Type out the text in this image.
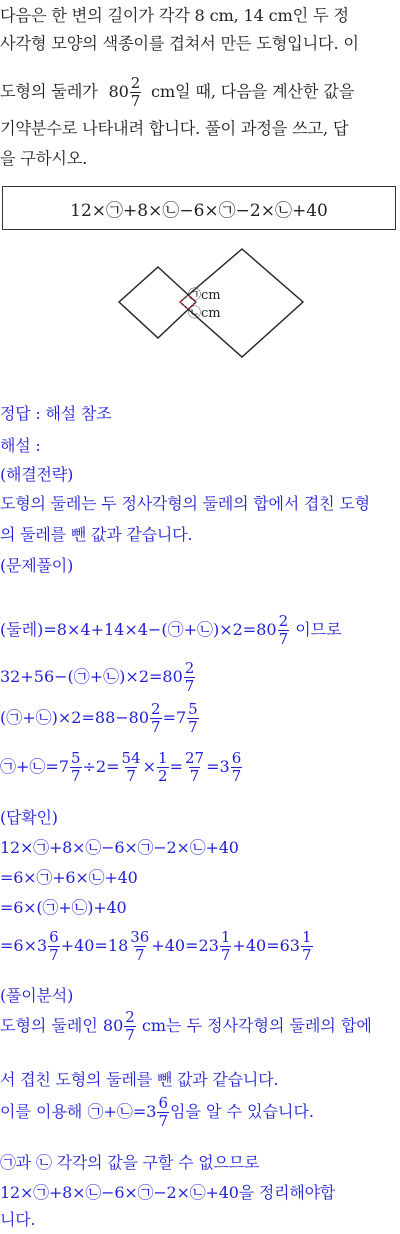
다음은 한 변의 길이가 각각 8 cm, 14 cm인 두 정
사각형 모양의 색종이를 겹쳐서 만든 도형입니다. 이
도형의 둘레가 $80 \frac{2}{7}$ cm일 때, 다음을 계산한 값을
기약분수로 나타내려 합니다. 풀이 과정을 쓰고, 답
을 구하시오.
12×㉠+8×㉡−6×㉠−2×㉡+40
㉠cm
㉡cm
정답 : 해설 참조
해설 :
(해결전략)
도형의 둘레는 두 정사각형의 둘레의 합에서 겹친 도형
의 둘레를 뺀 값과 같습니다.
(문제풀이)
(둘레)=8×4+14×4−(㉠+㉡)×2=80 $\frac{2}{7}$ 이므로
32+56−(㉠+㉡)×2=80 $\frac{2}{7}$
(㉠+㉡)×2=88−80 $\frac{2}{7} =7 \frac{5}{7}$
㉠+㉡=7 $\frac{5}{7} \div 2= \frac{54}{7} \times \frac{1}{2} = \frac{27}{7} =3 \frac{6}{7}$
(답확인)
12×㉠+8×㉡−6×㉠−2×㉡+40
=6×㉠+6×㉡+40
=6×(㉠+㉡)+40
$=6\times 3 \frac{6}{7} +40=18 \frac{36}{7} +40=23 \frac{1}{7} +40=63 \frac{1}{7}$
(풀이분석)
도형의 둘레인 $80 \frac{2}{7}$ cm는 두 정사각형의 둘레의 합에
서 겹친 도형의 둘레를 뺀 값과 같습니다.
이를 이용해 ㉠+㉡=3 $\frac{6}{7}$ 임을 알 수 있습니다.
㉠과 ㉡ 각각의 값을 구할 수 없으므로
12×㉠+8×㉡−6×㉠−2×㉡+40을 정리해야합
니다.
